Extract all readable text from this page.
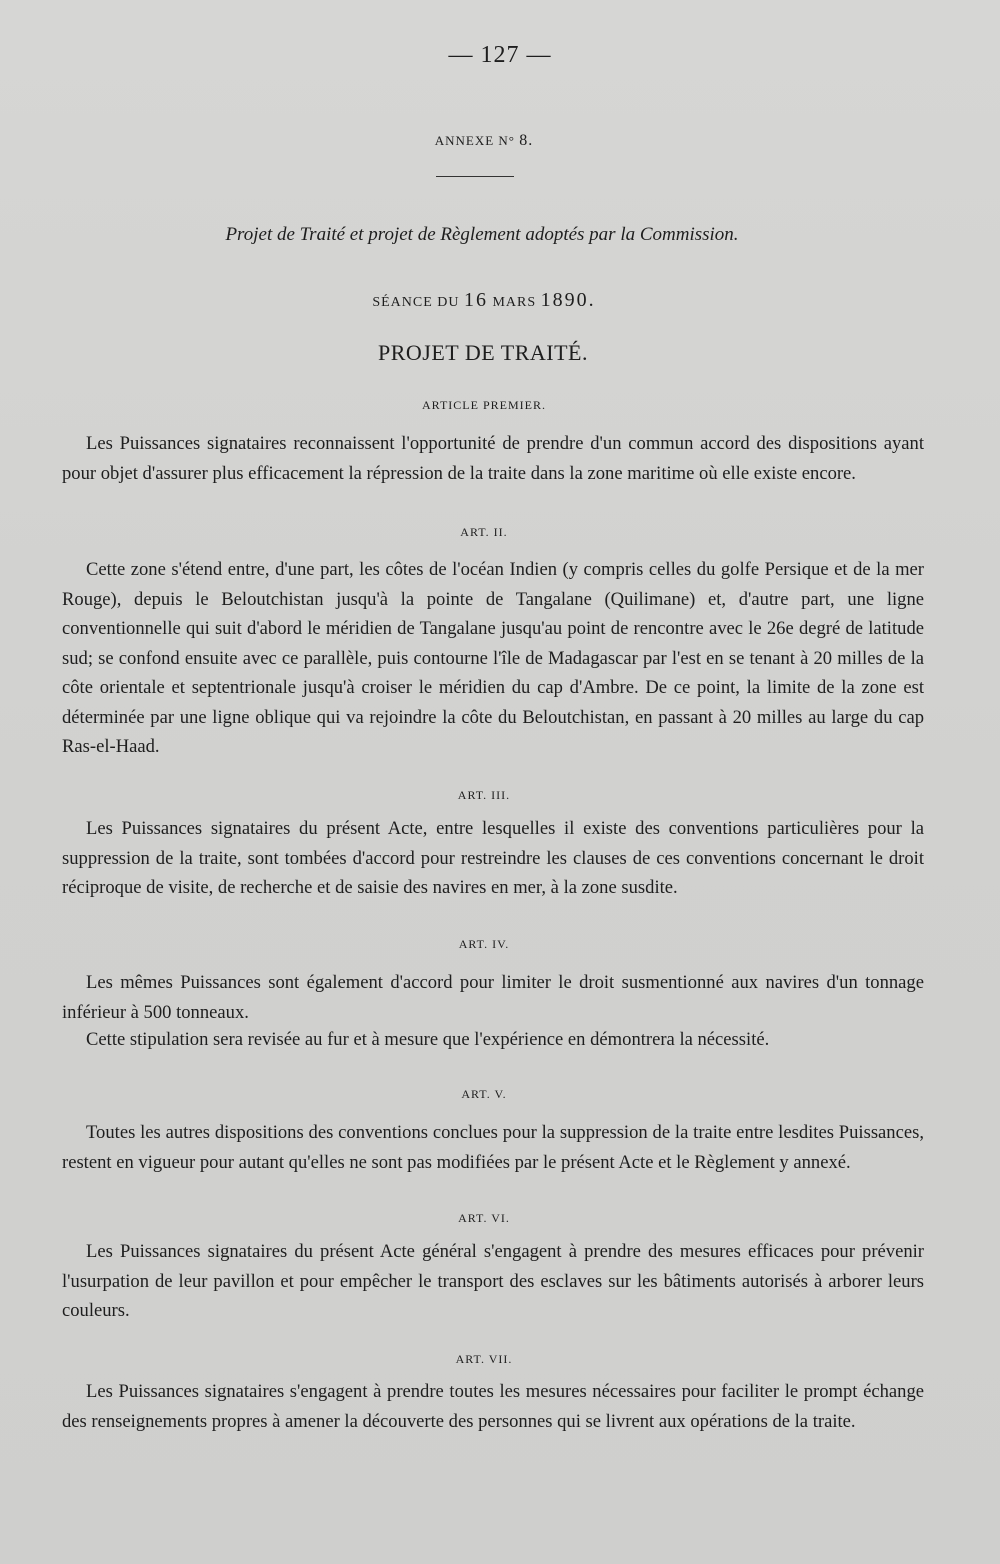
— 127 —
ANNEXE N° 8.
Projet de Traité et projet de Règlement adoptés par la Commission.
SÉANCE DU 16 MARS 1890.
PROJET DE TRAITÉ.
ARTICLE PREMIER.
Les Puissances signataires reconnaissent l'opportunité de prendre d'un commun accord des dispositions ayant pour objet d'assurer plus efficacement la répression de la traite dans la zone maritime où elle existe encore.
ART. II.
Cette zone s'étend entre, d'une part, les côtes de l'océan Indien (y compris celles du golfe Persique et de la mer Rouge), depuis le Beloutchistan jusqu'à la pointe de Tangalane (Quilimane) et, d'autre part, une ligne conventionnelle qui suit d'abord le méridien de Tangalane jusqu'au point de rencontre avec le 26e degré de latitude sud; se confond ensuite avec ce parallèle, puis contourne l'île de Madagascar par l'est en se tenant à 20 milles de la côte orientale et septentrionale jusqu'à croiser le méridien du cap d'Ambre. De ce point, la limite de la zone est déterminée par une ligne oblique qui va rejoindre la côte du Beloutchistan, en passant à 20 milles au large du cap Ras-el-Haad.
ART. III.
Les Puissances signataires du présent Acte, entre lesquelles il existe des conventions particulières pour la suppression de la traite, sont tombées d'accord pour restreindre les clauses de ces conventions concernant le droit réciproque de visite, de recherche et de saisie des navires en mer, à la zone susdite.
ART. IV.
Les mêmes Puissances sont également d'accord pour limiter le droit susmentionné aux navires d'un tonnage inférieur à 500 tonneaux.
Cette stipulation sera revisée au fur et à mesure que l'expérience en démontrera la nécessité.
ART. V.
Toutes les autres dispositions des conventions conclues pour la suppression de la traite entre lesdites Puissances, restent en vigueur pour autant qu'elles ne sont pas modifiées par le présent Acte et le Règlement y annexé.
ART. VI.
Les Puissances signataires du présent Acte général s'engagent à prendre des mesures efficaces pour prévenir l'usurpation de leur pavillon et pour empêcher le transport des esclaves sur les bâtiments autorisés à arborer leurs couleurs.
ART. VII.
Les Puissances signataires s'engagent à prendre toutes les mesures nécessaires pour faciliter le prompt échange des renseignements propres à amener la découverte des personnes qui se livrent aux opérations de la traite.
